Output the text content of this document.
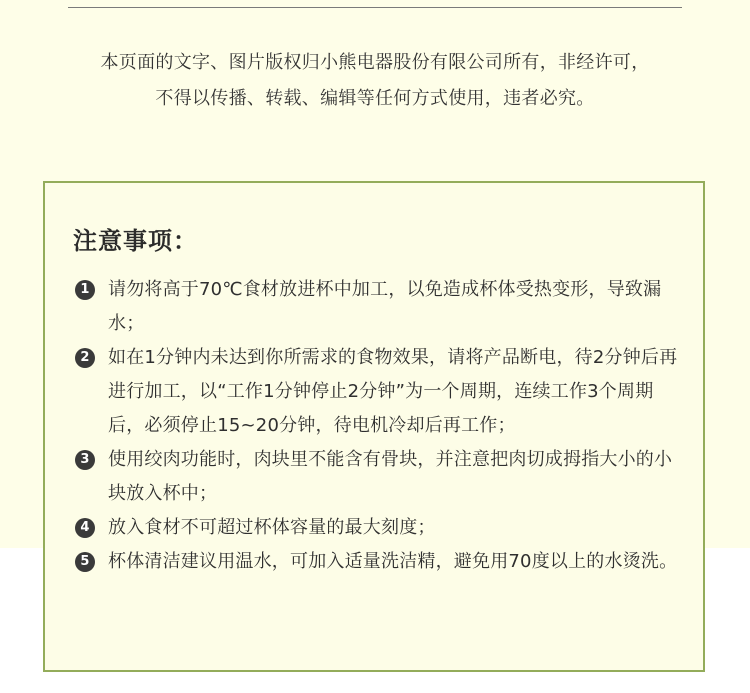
本页面的文字、图片版权归小熊电器股份有限公司所有，非经许可，
不得以传播、转载、编辑等任何方式使用，违者必究。
注意事项：
1 请勿将高于70℃食材放进杯中加工，以免造成杯体受热变形，导致漏水；
2 如在1分钟内未达到你所需求的食物效果，请将产品断电，待2分钟后再进行加工，以“工作1分钟停止2分钟”为一个周期，连续工作3个周期后，必须停止15~20分钟，待电机冷却后再工作；
3 使用绞肉功能时，肉块里不能含有骨块，并注意把肉切成拇指大小的小块放入杯中；
4 放入食材不可超过杯体容量的最大刻度；
5 杯体清洁建议用温水，可加入适量洗洁精，避免用70度以上的水烫洗。
